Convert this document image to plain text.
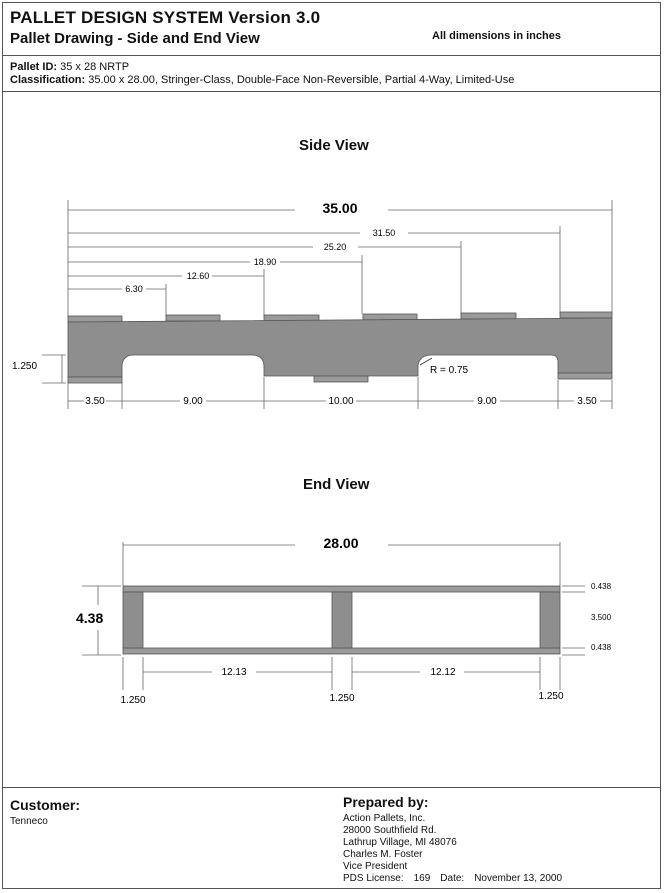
PALLET DESIGN SYSTEM Version 3.0
Pallet Drawing - Side and End View	All dimensions in inches
Pallet ID: 35 x 28 NRTP
Classification: 35.00 x 28.00, Stringer-Class, Double-Face Non-Reversible, Partial 4-Way, Limited-Use
Side View
End View
35.00
31.50
25.20
18.90
12.60
6.30
1.250	R = 0.75
3.50	9.00	10.00	9.00	3.50
28.00
4.38
0.438
3.500
0.438
12.13	12.12
1.250	1.250	1.250
Customer:
Tenneco
Prepared by:
Action Pallets, Inc.
28000 Southfield Rd.
Lathrup Village, MI 48076
Charles M. Foster
Vice President
PDS License: 169 Date: November 13, 2000
